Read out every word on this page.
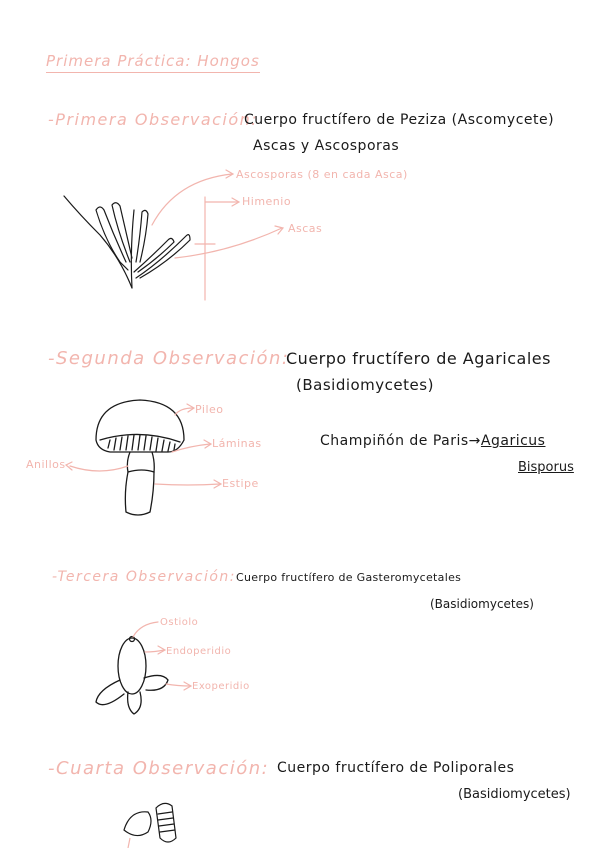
Primera Práctica: Hongos
-Primera Observación:
Cuerpo fructífero de Peziza (Ascomycete)
Ascas y Ascosporas
Ascosporas (8 en cada Asca)
Himenio
Ascas
-Segunda Observación:
Cuerpo fructífero de Agaricales
(Basidiomycetes)
Pileo
Láminas
Anillos
Estipe
Champiñón de Paris→Agaricus
Bisporus
-Tercera Observación: Cuerpo fructífero de Gasteromycetales
(Basidiomycetes)
Ostiolo
Endoperidio
Exoperidio
-Cuarta Observación: Cuerpo fructífero de Poliporales
(Basidiomycetes)
